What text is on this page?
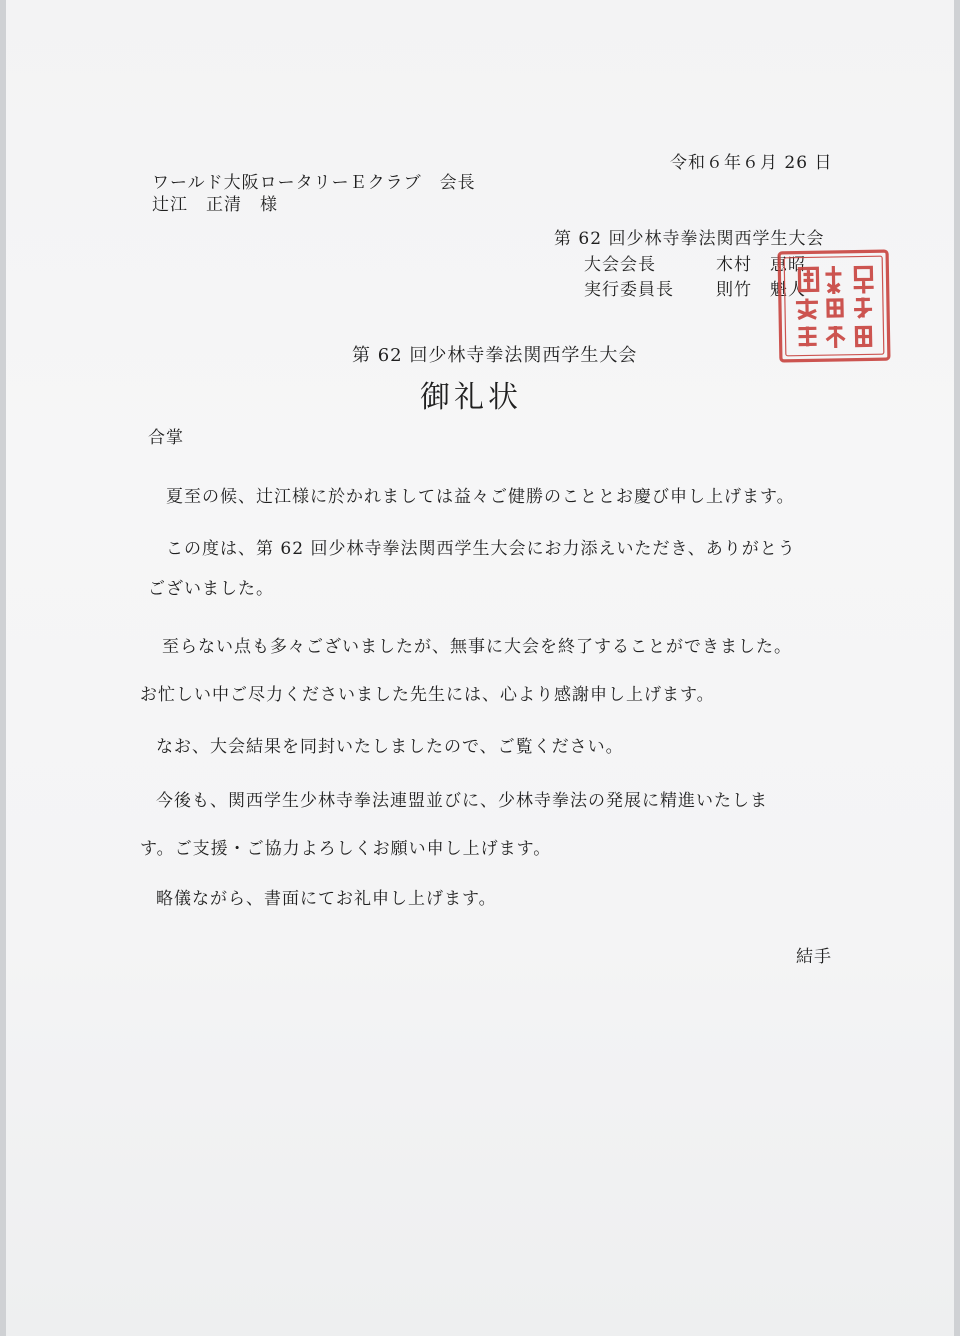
令和６年６月 26 日
ワールド大阪ロータリーＥクラブ　会長
辻江　正清　様
第 62 回少林寺拳法関西学生大会
大会会長	木村　恵昭
実行委員長 則竹　魁人
第 62 回少林寺拳法関西学生大会
御礼状
合掌
夏至の候、辻江様に於かれましては益々ご健勝のこととお慶び申し上げます。
この度は、第 62 回少林寺拳法関西学生大会にお力添えいただき、ありがとう
ございました。
至らない点も多々ございましたが、無事に大会を終了することができました。
お忙しい中ご尽力くださいました先生には、心より感謝申し上げます。
なお、大会結果を同封いたしましたので、ご覧ください。
今後も、関西学生少林寺拳法連盟並びに、少林寺拳法の発展に精進いたしま
す。ご支援・ご協力よろしくお願い申し上げます。
略儀ながら、書面にてお礼申し上げます。
結手
